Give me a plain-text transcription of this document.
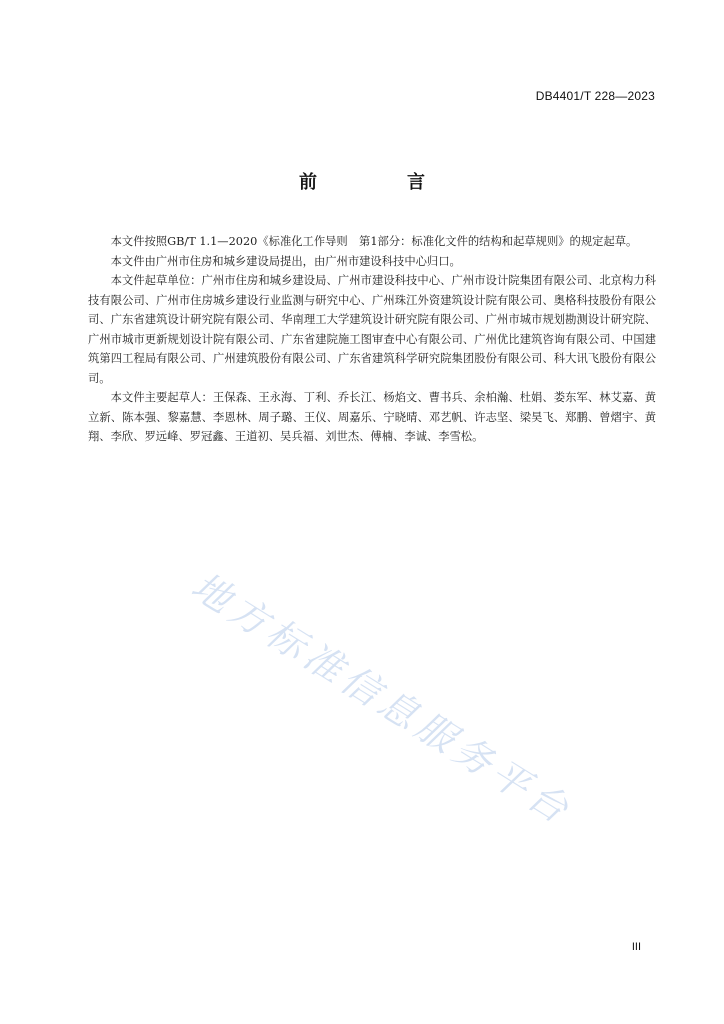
DB4401/T 228—2023
前　言

本文件按照GB/T 1.1—2020《标准化工作导则　第1部分：标准化文件的结构和起草规则》的规定起草。

本文件由广州市住房和城乡建设局提出，由广州市建设科技中心归口。

本文件起草单位：广州市住房和城乡建设局、广州市建设科技中心、广州市设计院集团有限公司、北京构力科技有限公司、广州市住房城乡建设行业监测与研究中心、广州珠江外资建筑设计院有限公司、奥格科技股份有限公司、广东省建筑设计研究院有限公司、华南理工大学建筑设计研究院有限公司、广州市城市规划勘测设计研究院、广州市城市更新规划设计院有限公司、广东省建院施工图审查中心有限公司、广州优比建筑咨询有限公司、中国建筑第四工程局有限公司、广州建筑股份有限公司、广东省建筑科学研究院集团股份有限公司、科大讯飞股份有限公司。

本文件主要起草人：王保森、王永海、丁利、乔长江、杨焰文、曹书兵、余柏瀚、杜娟、娄东军、林艾嘉、黄立新、陈本强、黎嘉慧、李恩林、周子璐、王仪、周嘉乐、宁晓晴、邓艺帆、许志坚、梁昊飞、郑鹏、曾熠宇、黄翔、李欣、罗远峰、罗冠鑫、王道初、吴兵福、刘世杰、傅楠、李诚、李雪松。

地方标准信息服务平台
III
